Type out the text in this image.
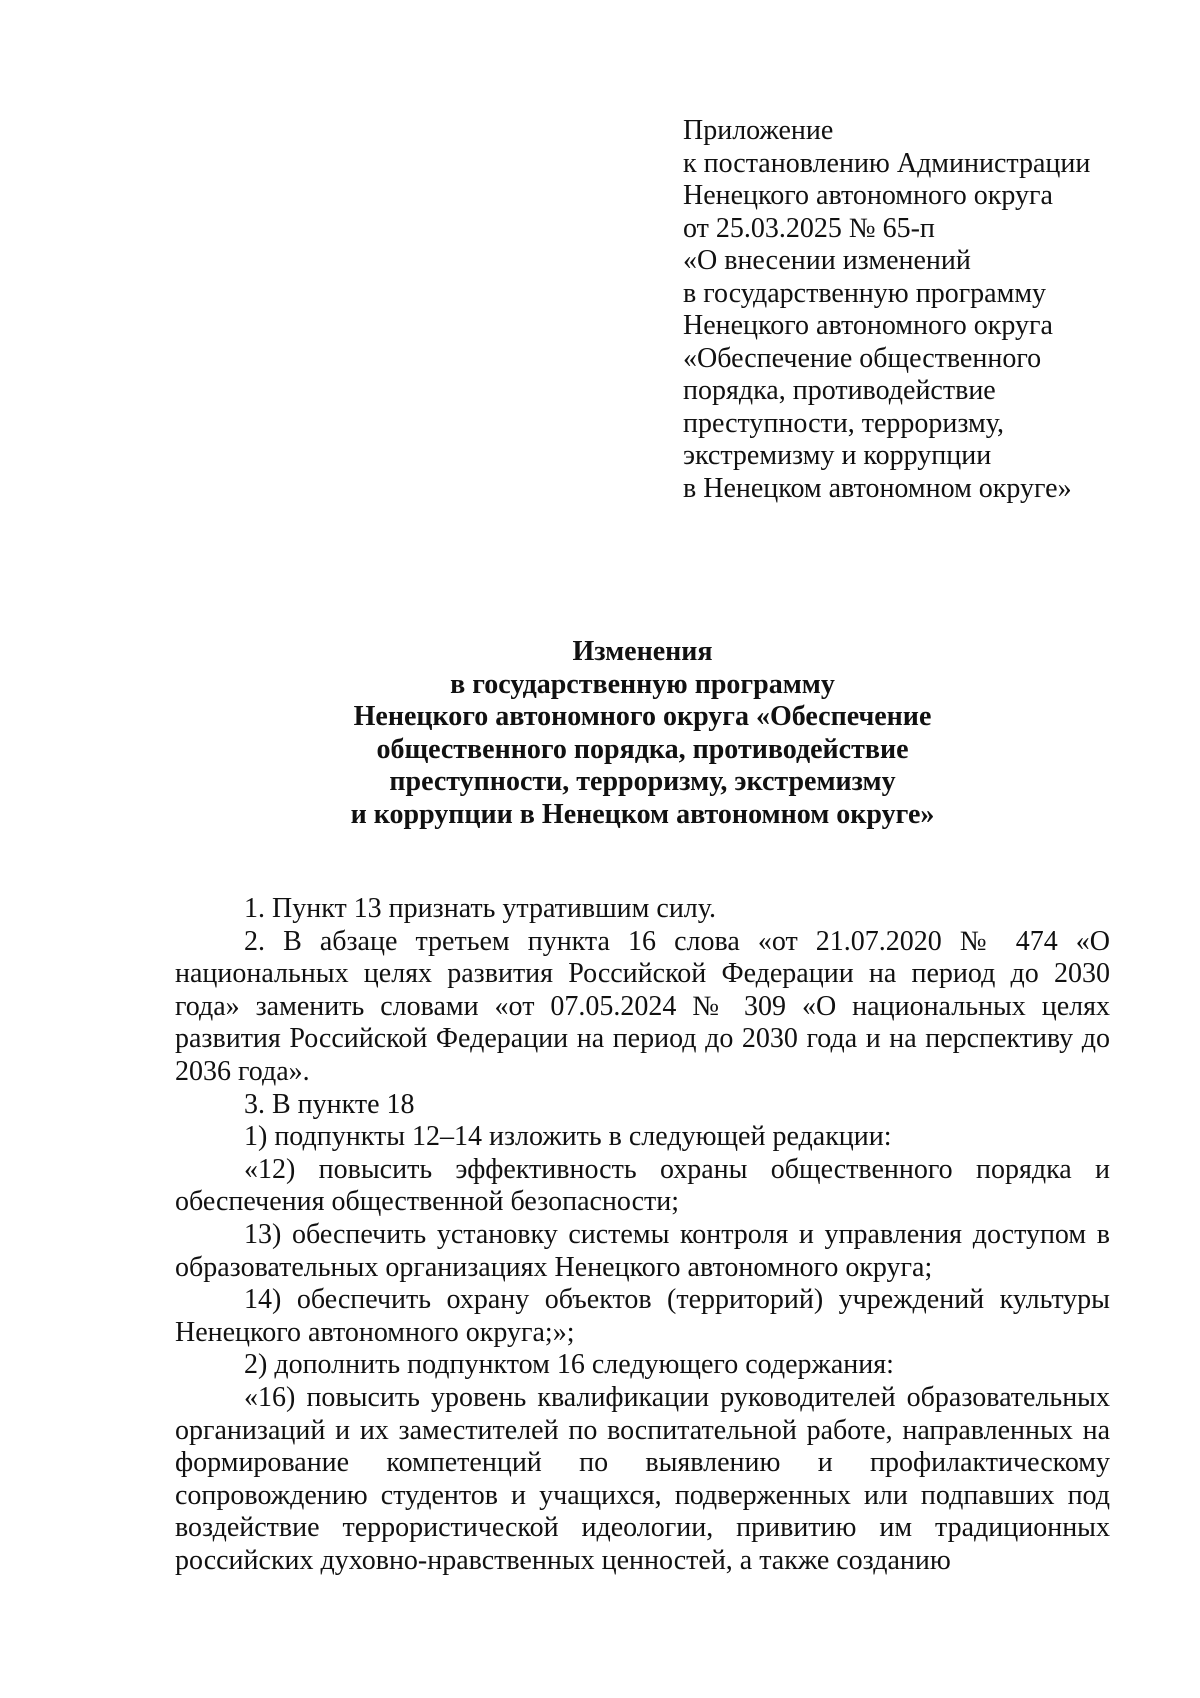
Приложение
к постановлению Администрации
Ненецкого автономного округа
от 25.03.2025 № 65-п
«О внесении изменений
в государственную программу
Ненецкого автономного округа
«Обеспечение общественного
порядка, противодействие
преступности, терроризму,
экстремизму и коррупции
в Ненецком автономном округе»
Изменения
в государственную программу
Ненецкого автономного округа «Обеспечение
общественного порядка, противодействие
преступности, терроризму, экстремизму
и коррупции в Ненецком автономном округе»

1. Пункт 13 признать утратившим силу.

2. В абзаце третьем пункта 16 слова «от 21.07.2020 № 474 «О национальных целях развития Российской Федерации на период до 2030 года» заменить словами «от 07.05.2024 № 309 «О национальных целях развития Российской Федерации на период до 2030 года и на перспективу до 2036 года».

3. В пункте 18

1) подпункты 12–14 изложить в следующей редакции:

«12) повысить эффективность охраны общественного порядка и обеспечения общественной безопасности;

13) обеспечить установку системы контроля и управления доступом в образовательных организациях Ненецкого автономного округа;

14) обеспечить охрану объектов (территорий) учреждений культуры Ненецкого автономного округа;»;

2) дополнить подпунктом 16 следующего содержания:

«16) повысить уровень квалификации руководителей образовательных организаций и их заместителей по воспитательной работе, направленных на формирование компетенций по выявлению и профилактическому сопровождению студентов и учащихся, подверженных или подпавших под воздействие террористической идеологии, привитию им традиционных российских духовно-нравственных ценностей, а также созданию
